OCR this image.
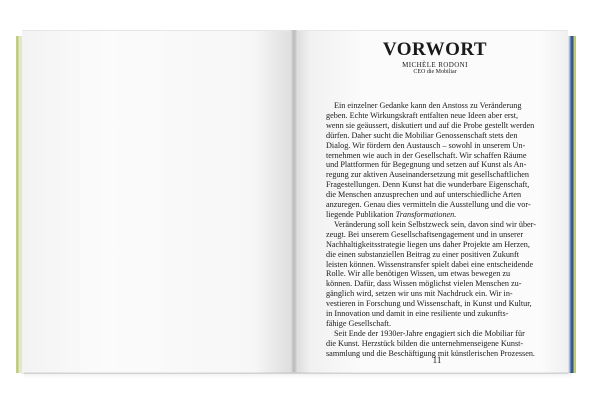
VORWORT
MICHÈLE RODONI
CEO die Mobiliar
Ein einzelner Gedanke kann den Anstoss zu Veränderung
geben. Echte Wirkungskraft entfalten neue Ideen aber erst,
wenn sie geäussert, diskutiert und auf die Probe gestellt werden
dürfen. Daher sucht die Mobiliar Genossenschaft stets den
Dialog. Wir fördern den Austausch – sowohl in unserem Un-
ternehmen wie auch in der Gesellschaft. Wir schaffen Räume
und Plattformen für Begegnung und setzen auf Kunst als An-
regung zur aktiven Auseinandersetzung mit gesellschaftlichen
Fragestellungen. Denn Kunst hat die wunderbare Eigenschaft,
die Menschen anzusprechen und auf unterschiedliche Arten
anzuregen. Genau dies vermitteln die Ausstellung und die vor-
liegende Publikation Transformationen.
Veränderung soll kein Selbstzweck sein, davon sind wir über-
zeugt. Bei unserem Gesellschaftsengagement und in unserer
Nachhaltigkeitsstrategie liegen uns daher Projekte am Herzen,
die einen substanziellen Beitrag zu einer positiven Zukunft
leisten können. Wissenstransfer spielt dabei eine entscheidende
Rolle. Wir alle benötigen Wissen, um etwas bewegen zu
können. Dafür, dass Wissen möglichst vielen Menschen zu-
gänglich wird, setzen wir uns mit Nachdruck ein. Wir in-
vestieren in Forschung und Wissenschaft, in Kunst und Kultur,
in Innovation und damit in eine resiliente und zukunfts-
fähige Gesellschaft.
Seit Ende der 1930er-Jahre engagiert sich die Mobiliar für
die Kunst. Herzstück bilden die unternehmenseigene Kunst-
sammlung und die Beschäftigung mit künstlerischen Prozessen.
11
